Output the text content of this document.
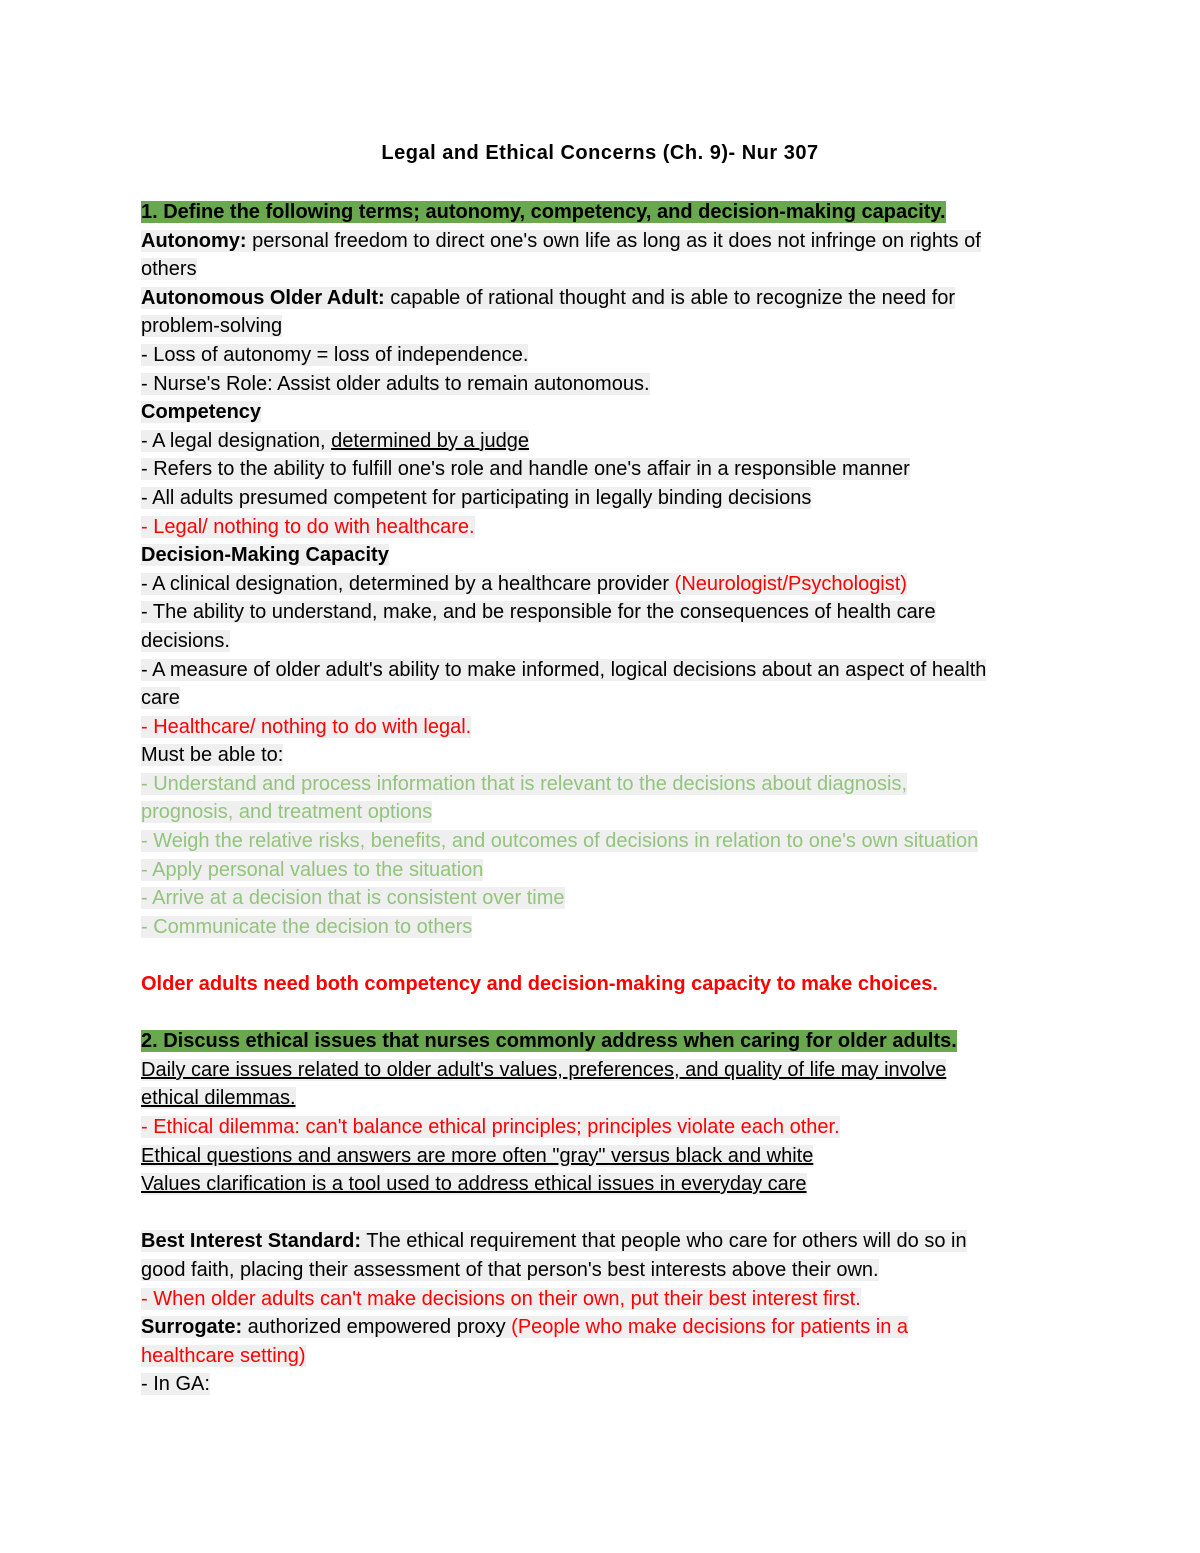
Legal and Ethical Concerns (Ch. 9)- Nur 307
1. Define the following terms; autonomy, competency, and decision-making capacity.
Autonomy: personal freedom to direct one's own life as long as it does not infringe on rights of
others
Autonomous Older Adult: capable of rational thought and is able to recognize the need for
problem-solving
- Loss of autonomy = loss of independence.
- Nurse's Role: Assist older adults to remain autonomous.
Competency
- A legal designation, determined by a judge
- Refers to the ability to fulfill one's role and handle one's affair in a responsible manner
- All adults presumed competent for participating in legally binding decisions
- Legal/ nothing to do with healthcare.
Decision-Making Capacity
- A clinical designation, determined by a healthcare provider (Neurologist/Psychologist)
- The ability to understand, make, and be responsible for the consequences of health care
decisions.
- A measure of older adult's ability to make informed, logical decisions about an aspect of health
care
- Healthcare/ nothing to do with legal.
Must be able to:
- Understand and process information that is relevant to the decisions about diagnosis,
prognosis, and treatment options
- Weigh the relative risks, benefits, and outcomes of decisions in relation to one's own situation
- Apply personal values to the situation
- Arrive at a decision that is consistent over time
- Communicate the decision to others
Older adults need both competency and decision-making capacity to make choices.
2. Discuss ethical issues that nurses commonly address when caring for older adults.
Daily care issues related to older adult's values, preferences, and quality of life may involve
ethical dilemmas.
- Ethical dilemma: can't balance ethical principles; principles violate each other.
Ethical questions and answers are more often "gray" versus black and white
Values clarification is a tool used to address ethical issues in everyday care
Best Interest Standard: The ethical requirement that people who care for others will do so in
good faith, placing their assessment of that person's best interests above their own.
- When older adults can't make decisions on their own, put their best interest first.
Surrogate: authorized empowered proxy (People who make decisions for patients in a
healthcare setting)
- In GA:
